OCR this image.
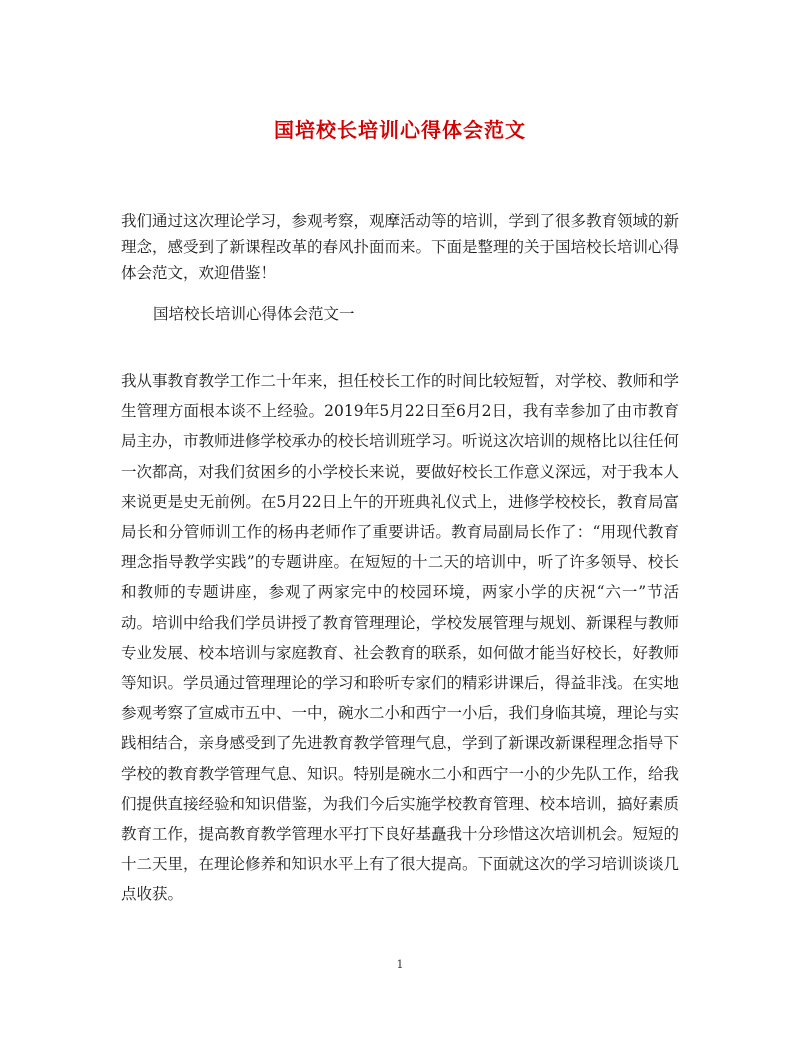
国培校长培训心得体会范文
我们通过这次理论学习，参观考察，观摩活动等的培训，学到了很多教育领域的新理念，感受到了新课程改革的春风扑面而来。下面是整理的关于国培校长培训心得体会范文，欢迎借鉴！
国培校长培训心得体会范文一
我从事教育教学工作二十年来，担任校长工作的时间比较短暂，对学校、教师和学生管理方面根本谈不上经验。2019年5月22日至6月2日，我有幸参加了由市教育局主办，市教师进修学校承办的校长培训班学习。听说这次培训的规格比以往任何一次都高，对我们贫困乡的小学校长来说，要做好校长工作意义深远，对于我本人来说更是史无前例。在5月22日上午的开班典礼仪式上，进修学校校长，教育局富局长和分管师训工作的杨冉老师作了重要讲话。教育局副局长作了：“用现代教育理念指导教学实践”的专题讲座。在短短的十二天的培训中，听了许多领导、校长和教师的专题讲座，参观了两家完中的校园环境，两家小学的庆祝“六一”节活动。培训中给我们学员讲授了教育管理理论，学校发展管理与规划、新课程与教师专业发展、校本培训与家庭教育、社会教育的联系，如何做才能当好校长，好教师等知识。学员通过管理理论的学习和聆听专家们的精彩讲课后，得益非浅。在实地参观考察了宣威市五中、一中，碗水二小和西宁一小后，我们身临其境，理论与实践相结合，亲身感受到了先进教育教学管理气息，学到了新课改新课程理念指导下学校的教育教学管理气息、知识。特别是碗水二小和西宁一小的少先队工作，给我们提供直接经验和知识借鉴，为我们今后实施学校教育管理、校本培训，搞好素质教育工作，提高教育教学管理水平打下良好基矗我十分珍惜这次培训机会。短短的十二天里，在理论修养和知识水平上有了很大提高。下面就这次的学习培训谈谈几点收获。
1
